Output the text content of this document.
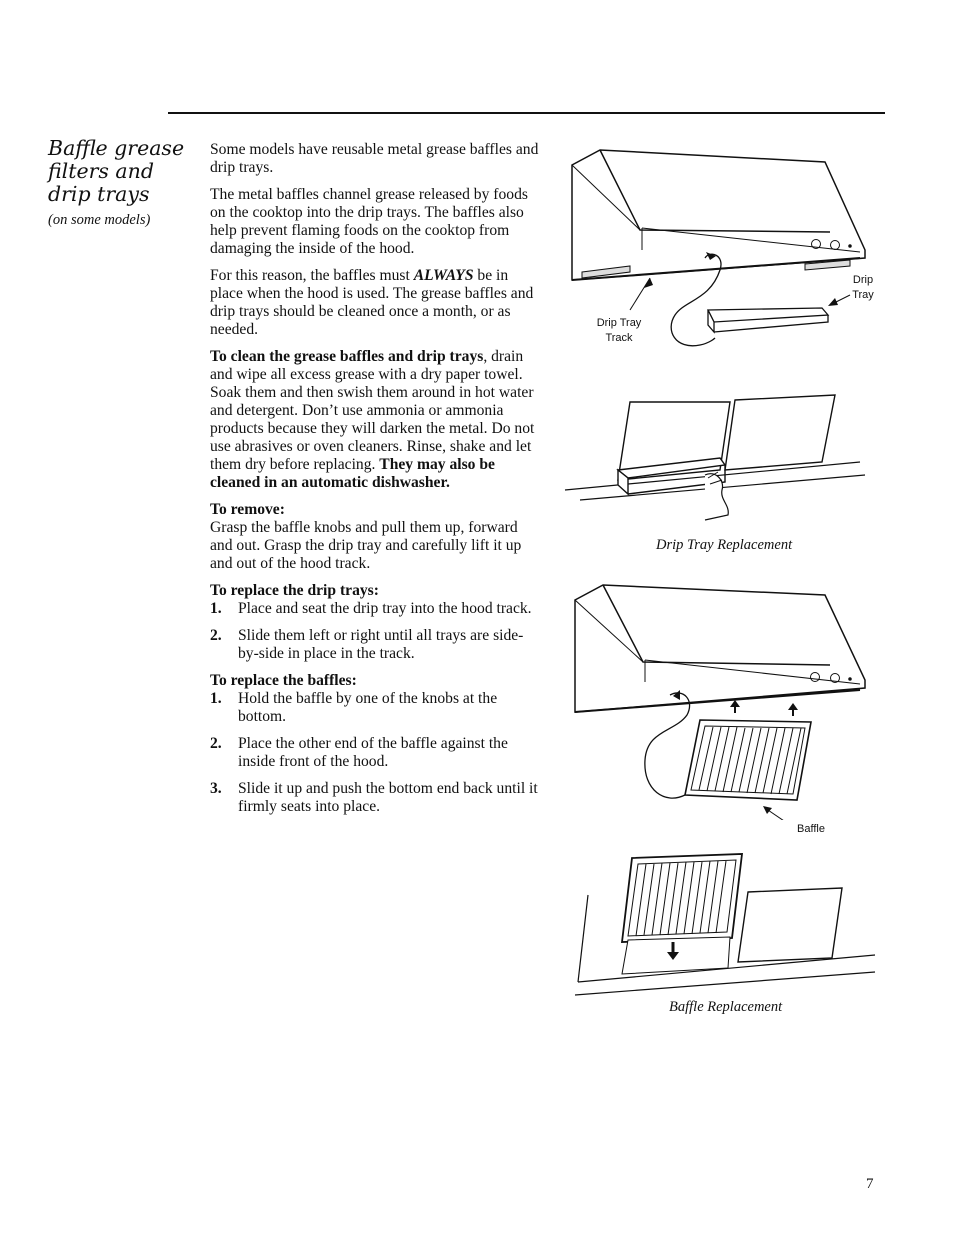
Baffle grease filters and drip trays
(on some models)

Some models have reusable metal grease baffles and drip trays.

The metal baffles channel grease released by foods on the cooktop into the drip trays. The baffles also help prevent flaming foods on the cooktop from damaging the inside of the hood.

For this reason, the baffles must ALWAYS be in place when the hood is used. The grease baffles and drip trays should be cleaned once a month, or as needed.

To clean the grease baffles and drip trays, drain and wipe all excess grease with a dry paper towel. Soak them and then swish them around in hot water and detergent. Don’t use ammonia or ammonia products because they will darken the metal. Do not use abrasives or oven cleaners. Rinse, shake and let them dry before replacing. They may also be cleaned in an automatic dishwasher.

To remove:

Grasp the baffle knobs and pull them up, forward and out. Grasp the drip tray and carefully lift it up and out of the hood track.

To replace the drip trays:

1.	Place and seat the drip tray into the hood track.
2.	Slide them left or right until all trays are side-by-side in place in the track.

To replace the baffles:

1.	Hold the baffle by one of the knobs at the bottom.
2.	Place the other end of the baffle against the inside front of the hood.
3.	Slide it up and push the bottom end back until it firmly seats into place.
Drip
Tray
Drip Tray
Track
Drip Tray Replacement
Baffle
Baffle Replacement
7
